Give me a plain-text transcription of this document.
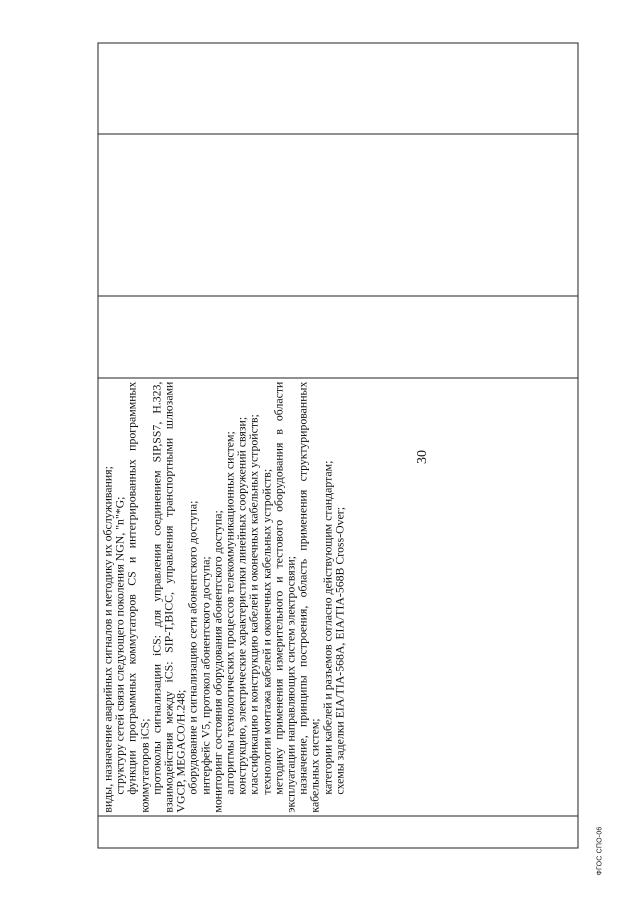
30
виды, назначение аварийных сигналов и методику их обслуживания;
структуру сетей связи следующего поколения NGN, "n"*G;
функции программных коммутаторов CS и интегрированных программных коммутаторов iCS;
протоколы сигнализации iCS: для управления соединением SIP,SS7, H.323, взаимодействия между iCS: SIP-T,BICC, управления транспортными шлюзами VGCP, MEGACO/H.248;
оборудование и сигнализацию сети абонентского доступа;
интерфейс V5, протокол абонентского доступа;
мониторинг состояния оборудования абонентского доступа;
алгоритмы технологических процессов телекоммуникационных систем;
конструкцию, электрические характеристики линейных сооружений связи;
классификацию и конструкцию кабелей и оконечных кабельных устройств;
технологии монтажа кабелей и оконечных кабельных устройств;
методику применения измерительного и тестового оборудования в области эксплуатации направляющих систем электросвязи;
назначение, принципы построения, область применения структурированных кабельных систем;
категории кабелей и разъемов согласно действующим стандартам;
схемы заделки EIA/TIA-568A, EIA/TIA-568B Cross-Over;
ФГОС СПО-06
